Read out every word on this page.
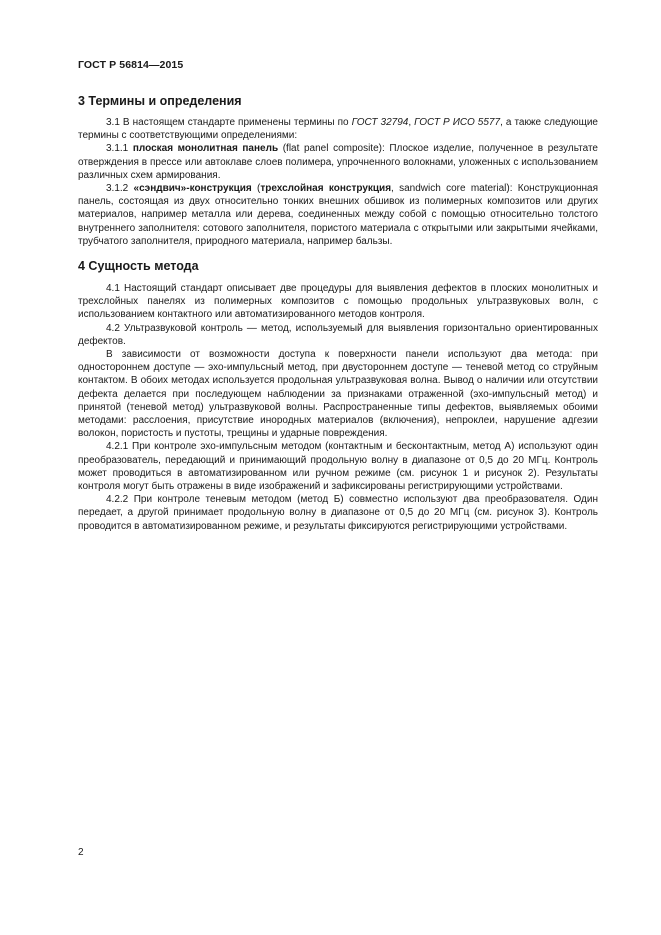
ГОСТ Р 56814—2015
3 Термины и определения

3.1 В настоящем стандарте применены термины по ГОСТ 32794, ГОСТ Р ИСО 5577, а также следующие термины с соответствующими определениями:

3.1.1 плоская монолитная панель (flat panel composite): Плоское изделие, полученное в результате отверждения в прессе или автоклаве слоев полимера, упрочненного волокнами, уложенных с использованием различных схем армирования.

3.1.2 «сэндвич»-конструкция (трехслойная конструкция, sandwich core material): Конструкционная панель, состоящая из двух относительно тонких внешних обшивок из полимерных композитов или других материалов, например металла или дерева, соединенных между собой с помощью относительно толстого внутреннего заполнителя: сотового заполнителя, пористого материала с открытыми или закрытыми ячейками, трубчатого заполнителя, природного материала, например бальзы.

4 Сущность метода

4.1 Настоящий стандарт описывает две процедуры для выявления дефектов в плоских монолитных и трехслойных панелях из полимерных композитов с помощью продольных ультразвуковых волн, с использованием контактного или автоматизированного методов контроля.

4.2 Ультразвуковой контроль — метод, используемый для выявления горизонтально ориентированных дефектов.

В зависимости от возможности доступа к поверхности панели используют два метода: при одностороннем доступе — эхо-импульсный метод, при двустороннем доступе — теневой метод со струйным контактом. В обоих методах используется продольная ультразвуковая волна. Вывод о наличии или отсутствии дефекта делается при последующем наблюдении за признаками отраженной (эхо-импульсный метод) и принятой (теневой метод) ультразвуковой волны. Распространенные типы дефектов, выявляемых обоими методами: расслоения, присутствие инородных материалов (включения), непроклеи, нарушение адгезии волокон, пористость и пустоты, трещины и ударные повреждения.

4.2.1 При контроле эхо-импульсным методом (контактным и бесконтактным, метод А) используют один преобразователь, передающий и принимающий продольную волну в диапазоне от 0,5 до 20 МГц. Контроль может проводиться в автоматизированном или ручном режиме (см. рисунок 1 и рисунок 2). Результаты контроля могут быть отражены в виде изображений и зафиксированы регистрирующими устройствами.

4.2.2 При контроле теневым методом (метод Б) совместно используют два преобразователя. Один передает, а другой принимает продольную волну в диапазоне от 0,5 до 20 МГц (см. рисунок 3). Контроль проводится в автоматизированном режиме, и результаты фиксируются регистрирующими устройствами.

2
